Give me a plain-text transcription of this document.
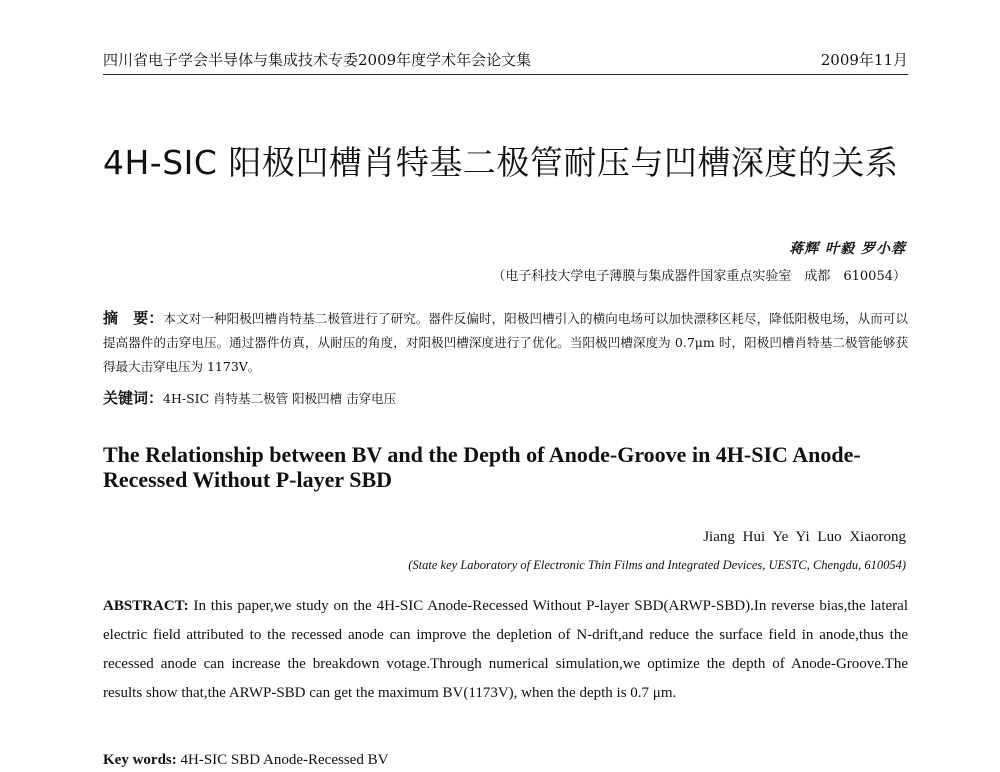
四川省电子学会半导体与集成技术专委2009年度学术年会论文集	2009年11月
4H-SIC 阳极凹槽肖特基二极管耐压与凹槽深度的关系
蒋辉 叶毅 罗小蓉
（电子科技大学电子薄膜与集成器件国家重点实验室　成都　610054）
摘　要：本文对一种阳极凹槽肖特基二极管进行了研究。器件反偏时，阳极凹槽引入的横向电场可以加快漂移区耗尽，降低阳极电场，从而可以提高器件的击穿电压。通过器件仿真，从耐压的角度，对阳极凹槽深度进行了优化。当阳极凹槽深度为 0.7μm 时，阳极凹槽肖特基二极管能够获得最大击穿电压为 1173V。
关键词：4H-SIC 肖特基二极管 阳极凹槽 击穿电压
The Relationship between BV and the Depth of Anode-Groove in 4H-SIC Anode-Recessed Without P-layer SBD
Jiang Hui Ye Yi Luo Xiaorong
(State key Laboratory of Electronic Thin Films and Integrated Devices, UESTC, Chengdu, 610054)
ABSTRACT: In this paper,we study on the 4H-SIC Anode-Recessed Without P-layer SBD(ARWP-SBD).In reverse bias,the lateral electric field attributed to the recessed anode can improve the depletion of N-drift,and reduce the surface field in anode,thus the recessed anode can increase the breakdown votage.Through numerical simulation,we optimize the depth of Anode-Groove.The results show that,the ARWP-SBD can get the maximum BV(1173V), when the depth is 0.7 μm.
Key words: 4H-SIC SBD Anode-Recessed BV
